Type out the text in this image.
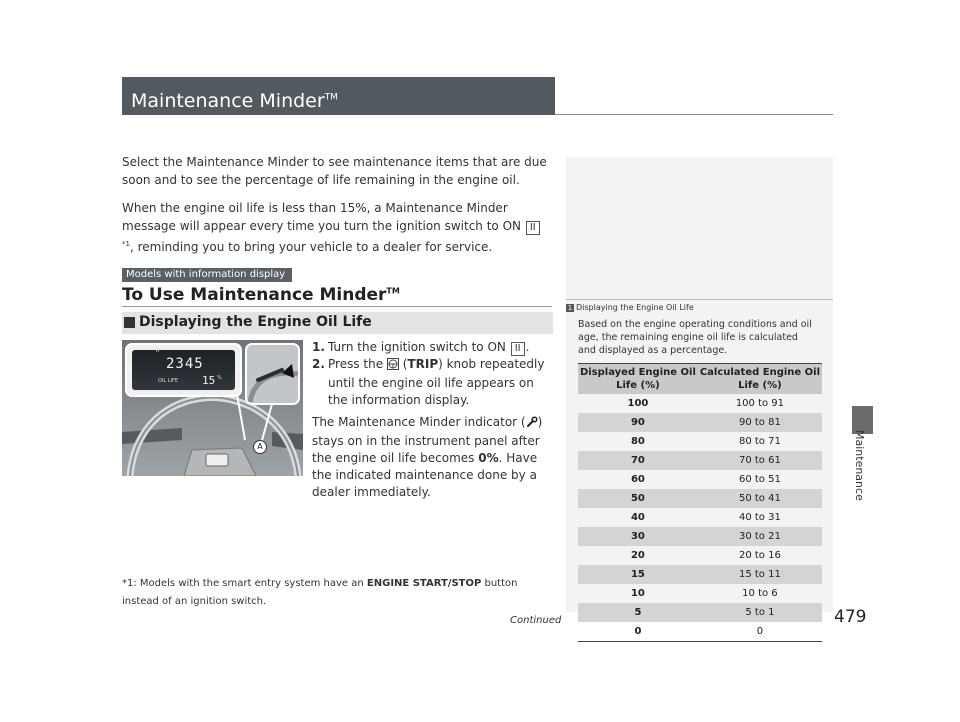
Maintenance Minder™
Maintenance

Select the Maintenance Minder to see maintenance items that are due soon and to see the percentage of life remaining in the engine oil.

When the engine oil life is less than 15%, a Maintenance Minder message will appear every time you turn the ignition switch to ON II$^{*1}$, reminding you to bring your vehicle to a dealer for service.

Models with information display
To Use Maintenance Minder™
Displaying the Engine Oil Life
A
2345
OIL LIFE 15 %
A
1. Turn the ignition switch to ON II .
2. Press the  (TRIP) knob repeatedly until the engine oil life appears on the information display.
The Maintenance Minder indicator ( ) stays on in the instrument panel after the engine oil life becomes 0%. Have the indicated maintenance done by a dealer immediately.
*1: Models with the smart entry system have an ENGINE START/STOP button instead of an ignition switch.
1 Displaying the Engine Oil Life
Based on the engine operating conditions and oil age, the remaining engine oil life is calculated and displayed as a percentage.
Displayed Engine Oil Life (%)	Calculated Engine Oil Life (%)
100	100 to 91
90	90 to 81
80	80 to 71
70	70 to 61
60	60 to 51
50	50 to 41
40	40 to 31
30	30 to 21
20	20 to 16
15	15 to 11
10	10 to 6
5	5 to 1
0	0
479
Continued
